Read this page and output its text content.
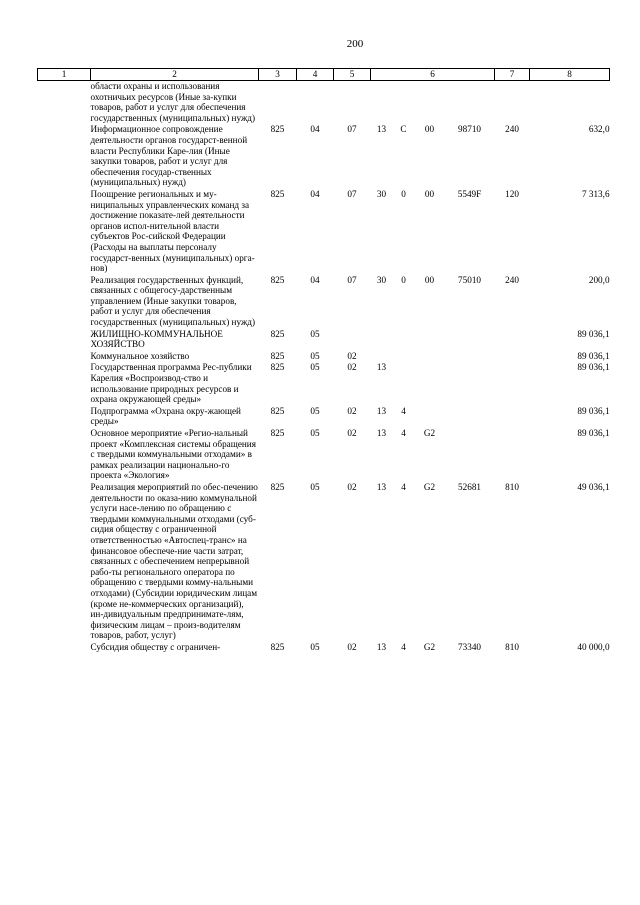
200
1	2	3	4	5	6				7	8
	области охраны и использования охотничьих ресурсов (Иные за-купки товаров, работ и услуг для обеспечения государственных (муниципальных) нужд)									
	Информационное сопровождение деятельности органов государст-венной власти Республики Каре-лия (Иные закупки товаров, работ и услуг для обеспечения государ-ственных (муниципальных) нужд)	825	04	07	13	С	00	98710	240	632,0
	Поощрение региональных и му-ниципальных управленческих команд за достижение показате-лей деятельности органов испол-нительной власти субъектов Рос-сийской Федерации (Расходы на выплаты персоналу государст-венных (муниципальных) орга-нов)	825	04	07	30	0	00	5549F	120	7 313,6
	Реализация государственных функций, связанных с общегосу-дарственным управлением (Иные закупки товаров, работ и услуг для обеспечения государственных (муниципальных) нужд)	825	04	07	30	0	00	75010	240	200,0
	ЖИЛИЩНО-КОММУНАЛЬНОЕ ХОЗЯЙСТВО	825	05							89 036,1
	Коммунальное хозяйство	825	05	02						89 036,1
	Государственная программа Рес-публики Карелия «Воспроизвод-ство и использование природных ресурсов и охрана окружающей среды»	825	05	02	13					89 036,1
	Подпрограмма «Охрана окру-жающей среды»	825	05	02	13	4				89 036,1
	Основное мероприятие «Регио-нальный проект «Комплексная системы обращения с твердыми коммунальными отходами» в рамках реализации национально-го проекта «Экология»	825	05	02	13	4	G2			89 036,1
	Реализация мероприятий по обес-печению деятельности по оказа-нию коммунальной услуги насе-лению по обращению с твердыми коммунальными отходами (суб-сидия обществу с ограниченной ответственностью «Автоспец-транс» на финансовое обеспече-ние части затрат, связанных с обеспечением непрерывной рабо-ты регионального оператора по обращению с твердыми комму-нальными отходами) (Субсидии юридическим лицам (кроме не-коммерческих организаций), ин-дивидуальным предпринимате-лям, физическим лицам – произ-водителям товаров, работ, услуг)	825	05	02	13	4	G2	52681	810	49 036,1
	Субсидия обществу с ограничен-	825	05	02	13	4	G2	73340	810	40 000,0
